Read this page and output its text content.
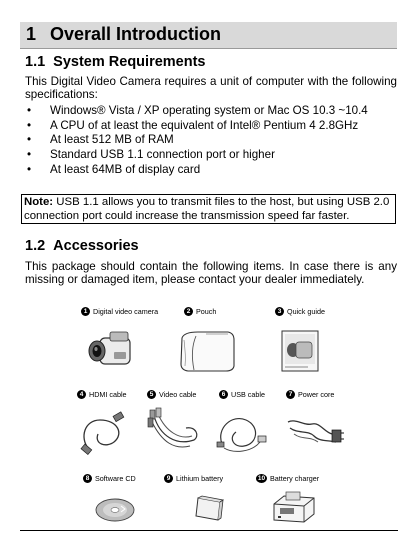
1 Overall Introduction
1.1 System Requirements
This Digital Video Camera requires a unit of computer with the following specifications:
• Windows® Vista / XP operating system or Mac OS 10.3 ~10.4
• A CPU of at least the equivalent of Intel® Pentium 4 2.8GHz
• At least 512 MB of RAM
• Standard USB 1.1 connection port or higher
• At least 64MB of display card
Note: USB 1.1 allows you to transmit files to the host, but using USB 2.0 connection port could increase the transmission speed far faster.
1.2 Accessories
This package should contain the following items. In case there is any missing or damaged item, please contact your dealer immediately.
1 Digital video camera	2 Pouch	3 Quick guide
4 HDMI cable	5 Video cable	6 USB cable	7 Power core
8 Software CD	9 Lithium battery	10 Battery charger
